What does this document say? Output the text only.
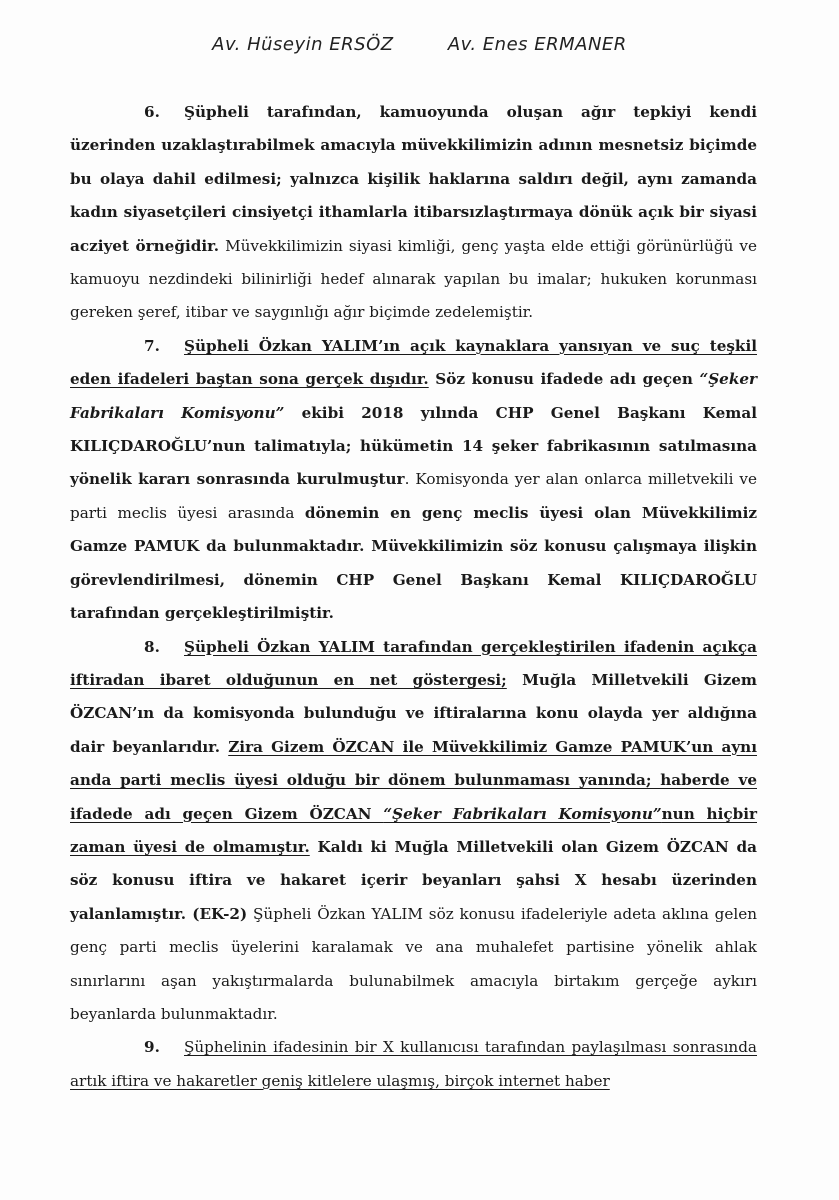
Av. Hüseyin ERSÖZ	Av. Enes ERMANER

6. Şüpheli tarafından, kamuoyunda oluşan ağır tepkiyi kendi üzerinden uzaklaştırabilmek amacıyla müvekkilimizin adının mesnetsiz biçimde bu olaya dahil edilmesi; yalnızca kişilik haklarına saldırı değil, aynı zamanda kadın siyasetçileri cinsiyetçi ithamlarla itibarsızlaştırmaya dönük açık bir siyasi acziyet örneğidir. Müvekkilimizin siyasi kimliği, genç yaşta elde ettiği görünürlüğü ve kamuoyu nezdindeki bilinirliği hedef alınarak yapılan bu imalar; hukuken korunması gereken şeref, itibar ve saygınlığı ağır biçimde zedelemiştir.

7. Şüpheli Özkan YALIM’ın açık kaynaklara yansıyan ve suç teşkil eden ifadeleri baştan sona gerçek dışıdır. Söz konusu ifadede adı geçen “Şeker Fabrikaları Komisyonu” ekibi 2018 yılında CHP Genel Başkanı Kemal KILIÇDAROĞLU’nun talimatıyla; hükümetin 14 şeker fabrikasının satılmasına yönelik kararı sonrasında kurulmuştur. Komisyonda yer alan onlarca milletvekili ve parti meclis üyesi arasında dönemin en genç meclis üyesi olan Müvekkilimiz Gamze PAMUK da bulunmaktadır. Müvekkilimizin söz konusu çalışmaya ilişkin görevlendirilmesi, dönemin CHP Genel Başkanı Kemal KILIÇDAROĞLU tarafından gerçekleştirilmiştir.

8. Şüpheli Özkan YALIM tarafından gerçekleştirilen ifadenin açıkça iftiradan ibaret olduğunun en net göstergesi; Muğla Milletvekili Gizem ÖZCAN’ın da komisyonda bulunduğu ve iftiralarına konu olayda yer aldığına dair beyanlarıdır. Zira Gizem ÖZCAN ile Müvekkilimiz Gamze PAMUK’un aynı anda parti meclis üyesi olduğu bir dönem bulunmaması yanında; haberde ve ifadede adı geçen Gizem ÖZCAN “Şeker Fabrikaları Komisyonu”nun hiçbir zaman üyesi de olmamıştır. Kaldı ki Muğla Milletvekili olan Gizem ÖZCAN da söz konusu iftira ve hakaret içerir beyanları şahsi X hesabı üzerinden yalanlamıştır. (EK-2) Şüpheli Özkan YALIM söz konusu ifadeleriyle adeta aklına gelen genç parti meclis üyelerini karalamak ve ana muhalefet partisine yönelik ahlak sınırlarını aşan yakıştırmalarda bulunabilmek amacıyla birtakım gerçeğe aykırı beyanlarda bulunmaktadır.

9. Şüphelinin ifadesinin bir X kullanıcısı tarafından paylaşılması sonrasında artık iftira ve hakaretler geniş kitlelere ulaşmış, birçok internet haber
